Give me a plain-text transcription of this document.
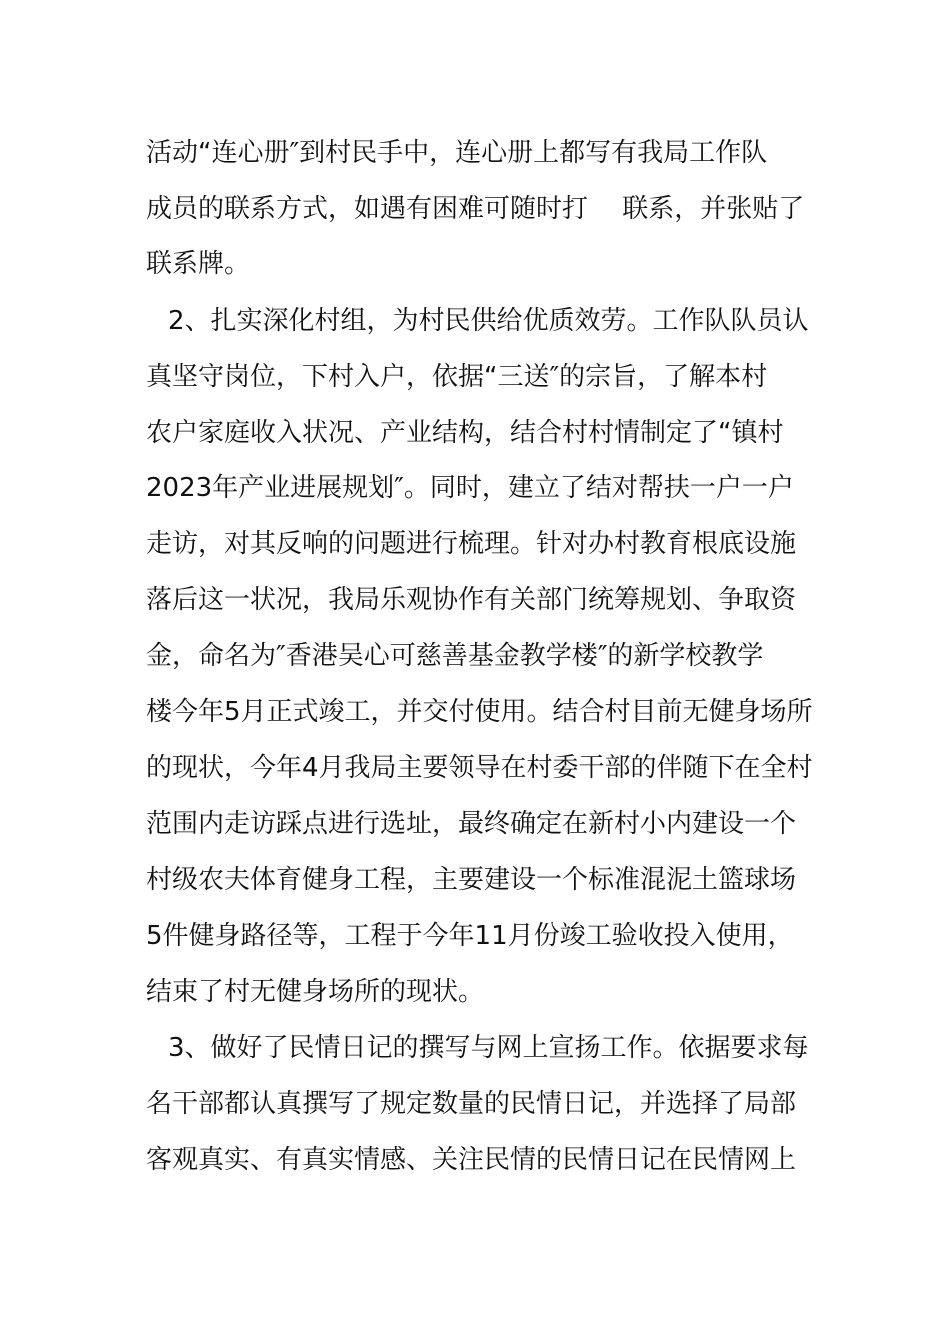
活动“连心册″到村民手中，连心册上都写有我局工作队
成员的联系方式，如遇有困难可随时打　 联系，并张贴了
联系牌。
2、扎实深化村组，为村民供给优质效劳。工作队队员认
真坚守岗位，下村入户，依据“三送″的宗旨，了解本村
农户家庭收入状况、产业结构，结合村村情制定了“镇村
2023年产业进展规划″。同时，建立了结对帮扶一户一户
走访，对其反响的问题进行梳理。针对办村教育根底设施
落后这一状况，我局乐观协作有关部门统筹规划、争取资
金，命名为″香港吴心可慈善基金教学楼″的新学校教学
楼今年5月正式竣工，并交付使用。结合村目前无健身场所
的现状，今年4月我局主要领导在村委干部的伴随下在全村
范围内走访踩点进行选址，最终确定在新村小内建设一个
村级农夫体育健身工程，主要建设一个标准混泥土篮球场
5件健身路径等，工程于今年11月份竣工验收投入使用，
结束了村无健身场所的现状。
3、做好了民情日记的撰写与网上宣扬工作。依据要求每
名干部都认真撰写了规定数量的民情日记，并选择了局部
客观真实、有真实情感、关注民情的民情日记在民情网上
